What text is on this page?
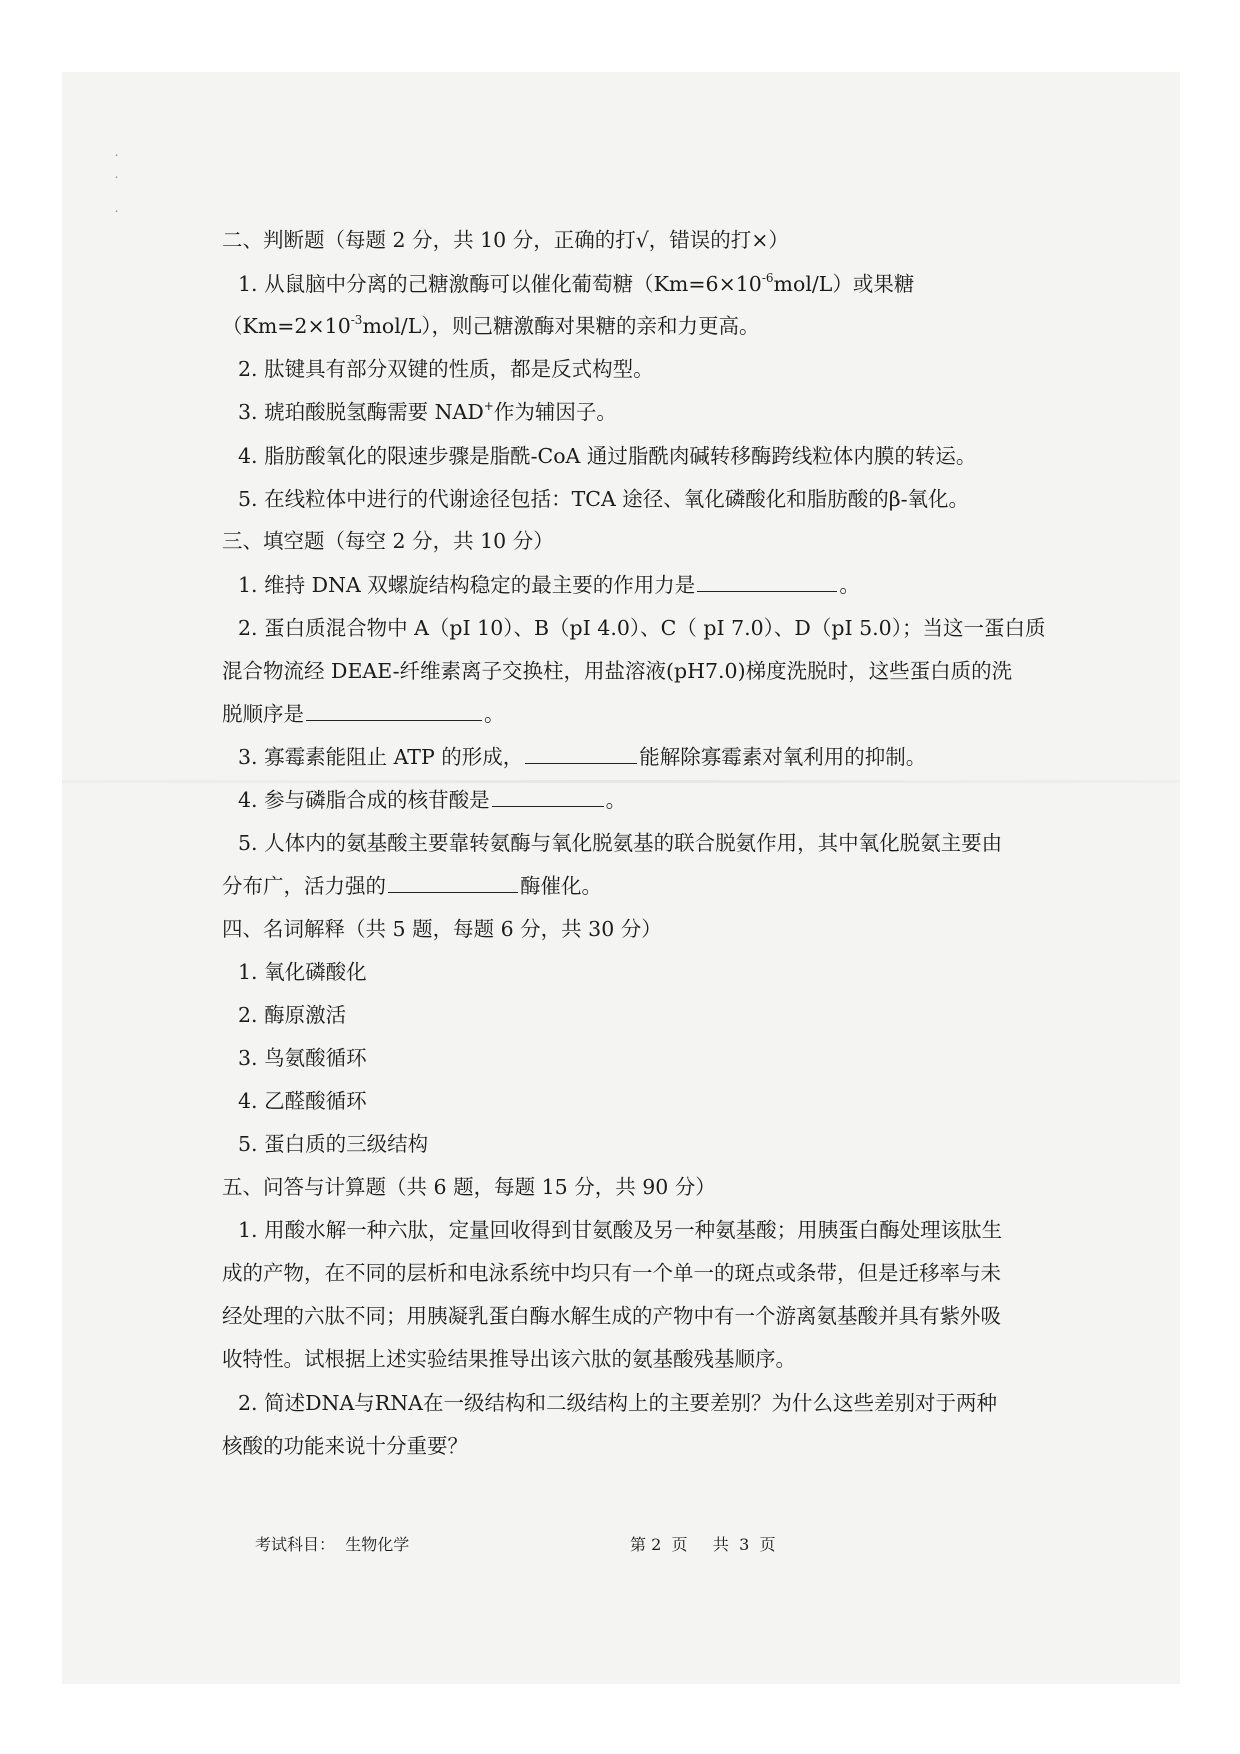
˙
˙
˙
二、判断题（每题 2 分，共 10 分，正确的打√，错误的打×）
1. 从鼠脑中分离的己糖激酶可以催化葡萄糖$(Km=6\times 10^{-6}mol/L)$或果糖
$(Km=2\times 10^{-3}mol/L)$，则己糖激酶对果糖的亲和力更高。
2. 肽键具有部分双键的性质，都是反式构型。
3. 琥珀酸脱氢酶需要 NAD+作为辅因子。
4. 脂肪酸氧化的限速步骤是脂酰-CoA 通过脂酰肉碱转移酶跨线粒体内膜的转运。
5. 在线粒体中进行的代谢途径包括：TCA 途径、氧化磷酸化和脂肪酸的β-氧化。
三、填空题（每空 2 分，共 10 分）
1. 维持 DNA 双螺旋结构稳定的最主要的作用力是	。
2. 蛋白质混合物中 A（pI 10）、B（pI 4.0）、C（ pI 7.0）、D（pI 5.0）；当这一蛋白质
混合物流经 DEAE-纤维素离子交换柱，用盐溶液(pH7.0)梯度洗脱时，这些蛋白质的洗
脱顺序是	。
3. 寡霉素能阻止 ATP 的形成，	能解除寡霉素对氧利用的抑制。
4. 参与磷脂合成的核苷酸是	。
5. 人体内的氨基酸主要靠转氨酶与氧化脱氨基的联合脱氨作用，其中氧化脱氨主要由
分布广，活力强的	酶催化。
四、名词解释（共 5 题，每题 6 分，共 30 分）
1. 氧化磷酸化
2. 酶原激活
3. 鸟氨酸循环
4. 乙醛酸循环
5. 蛋白质的三级结构
五、问答与计算题（共 6 题，每题 15 分，共 90 分）
1. 用酸水解一种六肽，定量回收得到甘氨酸及另一种氨基酸；用胰蛋白酶处理该肽生
成的产物，在不同的层析和电泳系统中均只有一个单一的斑点或条带，但是迁移率与未
经处理的六肽不同；用胰凝乳蛋白酶水解生成的产物中有一个游离氨基酸并具有紫外吸
收特性。试根据上述实验结果推导出该六肽的氨基酸残基顺序。
2. 简述DNA与RNA在一级结构和二级结构上的主要差别？为什么这些差别对于两种
核酸的功能来说十分重要？
考试科目： 生物化学	第 2 页 共 3 页
